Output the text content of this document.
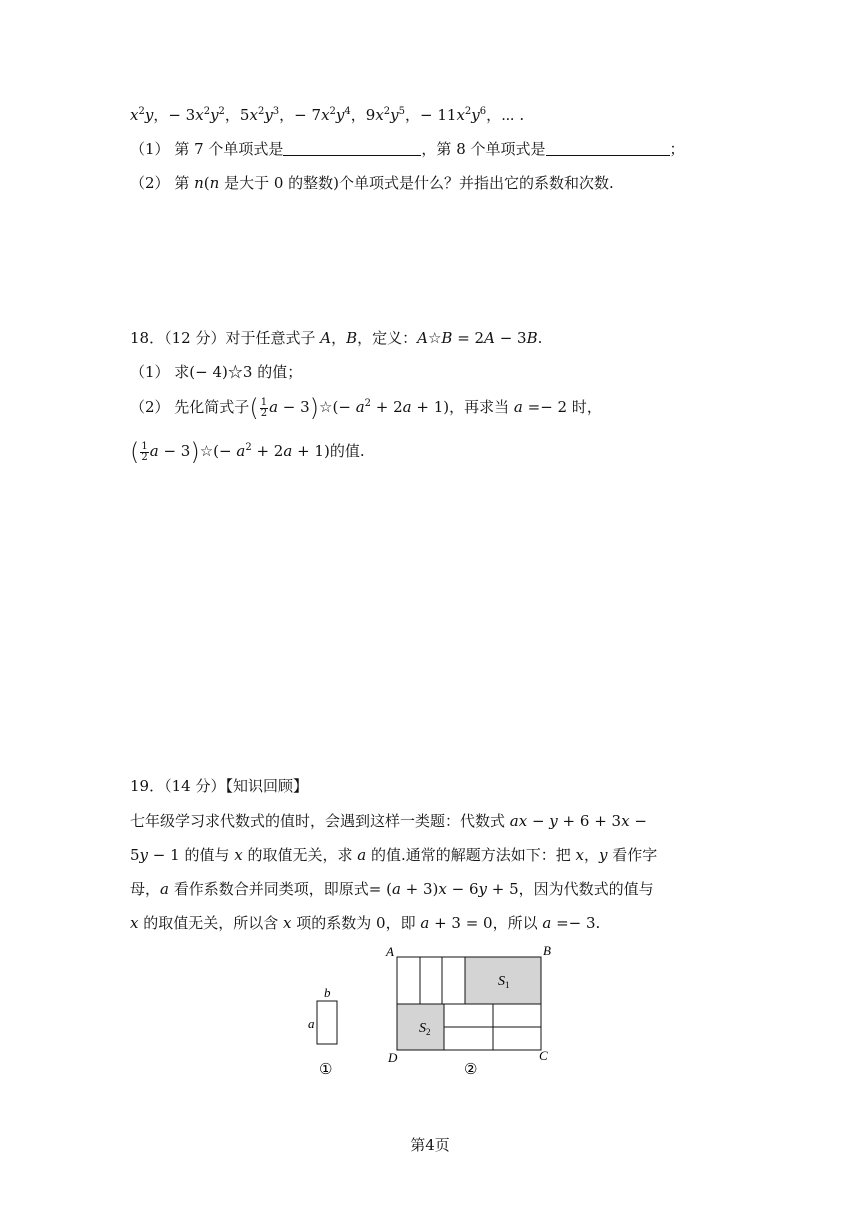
$x^2y$，− $3x^2y^2$，$5x^2y^3$，− $7x^2y^4$，$9x^2y^5$，− $11x^2y^6$，⋯ .
（1） 第 7 个单项式是	，第 8 个单项式是	；
（2） 第 n(n 是大于 0 的整数)个单项式是什么？并指出它的系数和次数.
18．（12 分）对于任意式子 A，B，定义：A☆B = 2A − 3B.
（1） 求(− 4)☆3 的值；
（2） 先化简式子( $\frac{1}{2}$ a − 3)☆(− $a^2 + 2a + 1$)，再求当 a =− 2 时，
( $\frac{1}{2}$ a − 3)☆(− $a^2 + 2a + 1$)的值.
19．（14 分）【知识回顾】
七年级学习求代数式的值时，会遇到这样一类题：代数式 ax − y + 6 + 3x −
5y − 1 的值与 x 的取值无关，求 a 的值.通常的解题方法如下：把 x，y 看作字
母，a 看作系数合并同类项，即原式= (a + 3)x − 6y + 5，因为代数式的值与
x 的取值无关，所以含 x 项的系数为 0，即 a + 3 = 0，所以 a =− 3.
b
a
①
A	B
D	C
$S_1$
$S_2$
②
第4页
